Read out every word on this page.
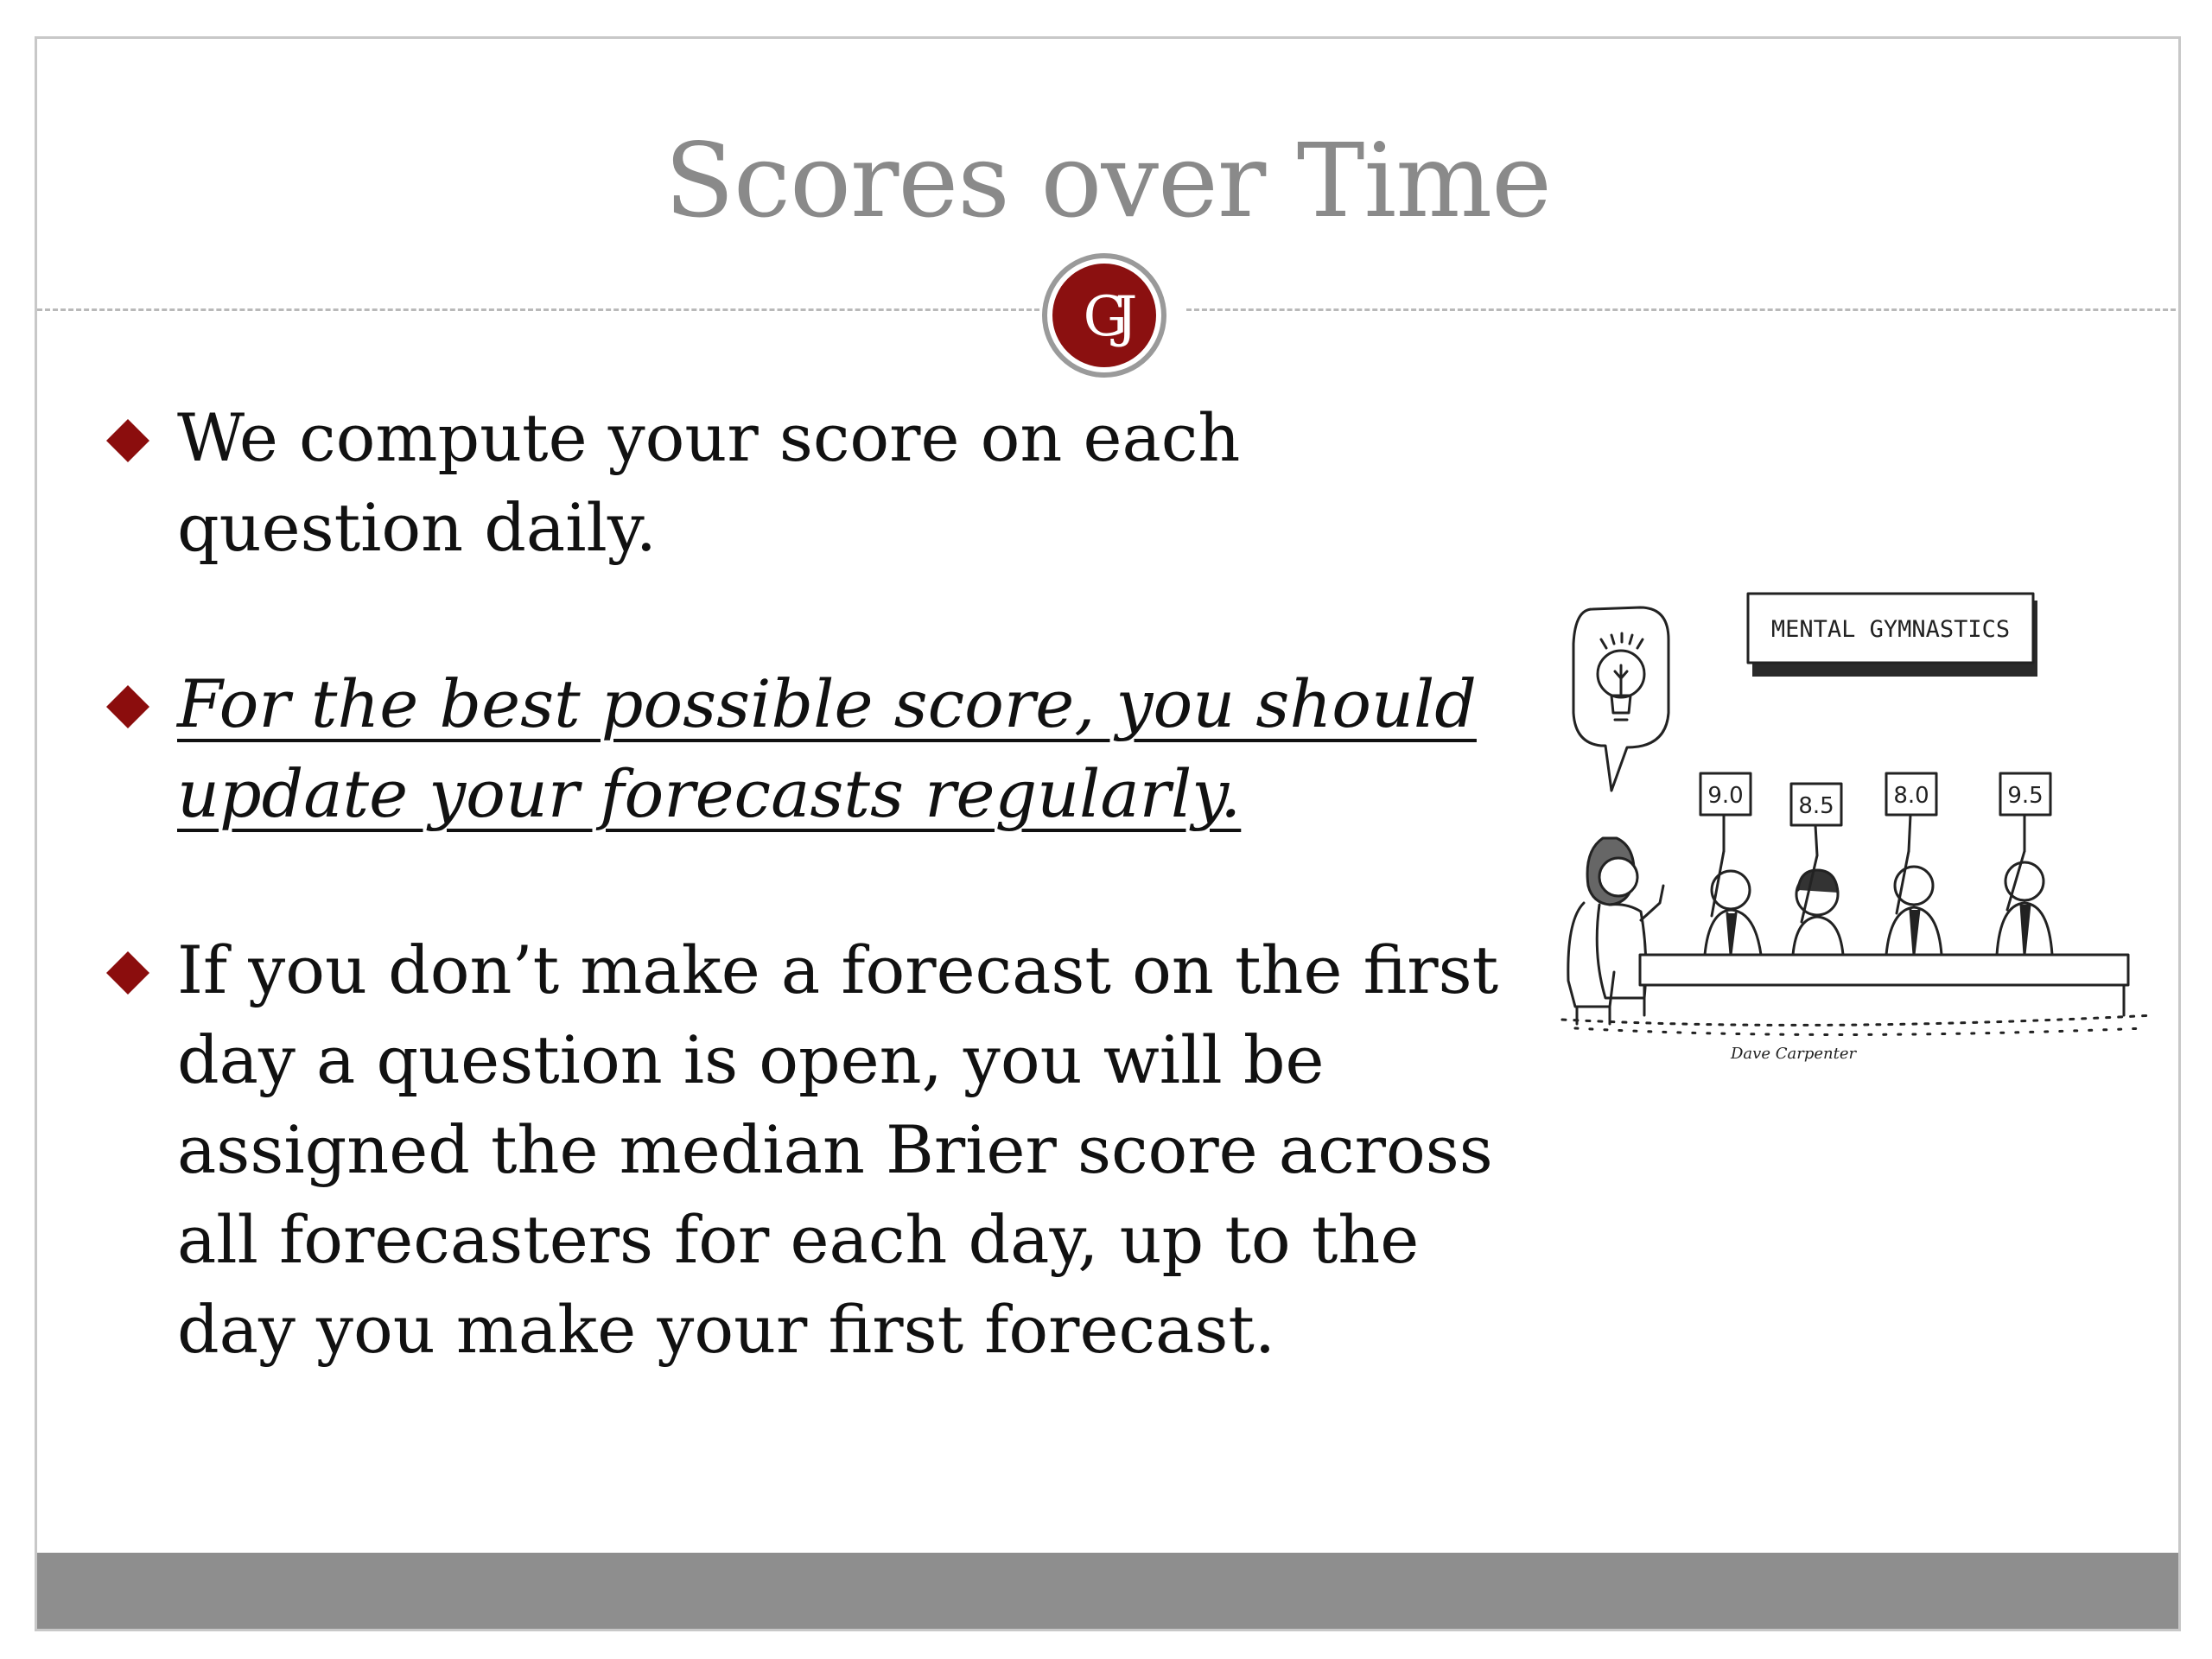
Scores over Time
GJ
We compute your score on each question daily.
For the best possible score, you should update your forecasts regularly.
If you don’t make a forecast on the first day a question is open, you will be assigned the median Brier score across all forecasters for each day, up to the day you make your first forecast.
MENTAL GYMNASTICS
9.0 8.5	8.0	9.5
Dave Carpenter
